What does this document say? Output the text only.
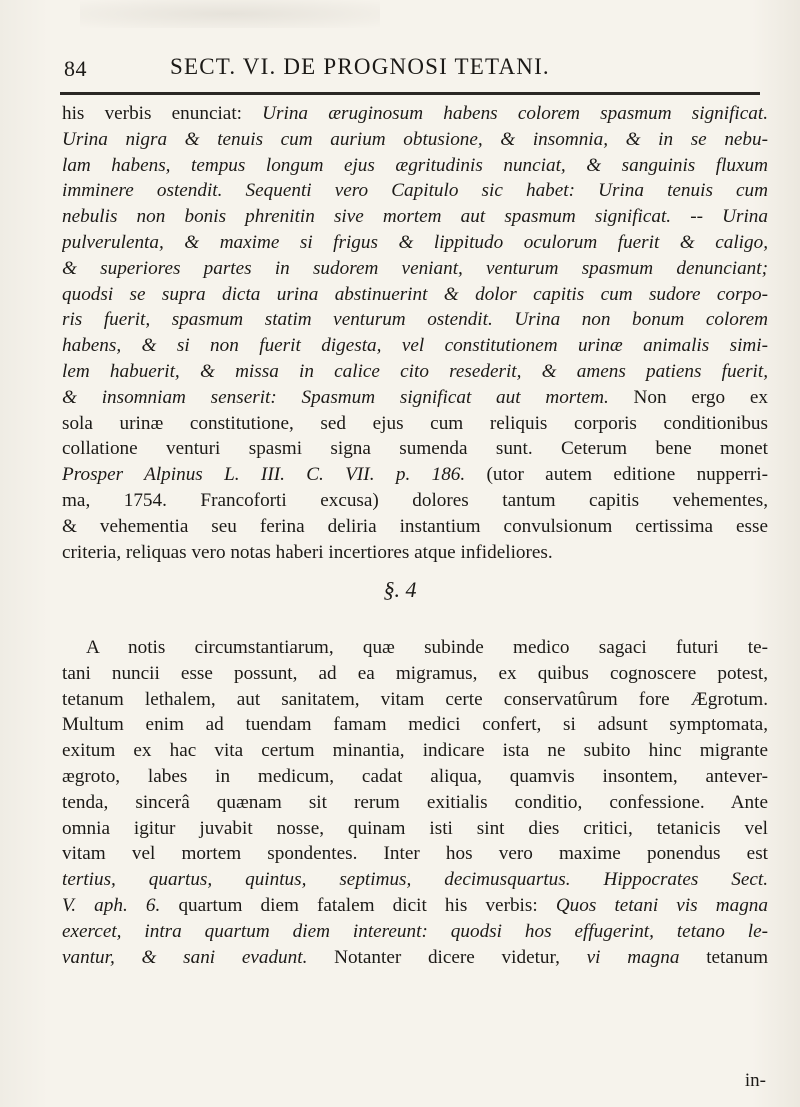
84	SECT. VI. DE PROGNOSI TETANI.
his verbis enunciat: Urina æruginosum habens colorem spasmum significat.
Urina nigra & tenuis cum aurium obtusione, & insomnia, & in se nebu-
lam habens, tempus longum ejus ægritudinis nunciat, & sanguinis fluxum
imminere ostendit. Sequenti vero Capitulo sic habet: Urina tenuis cum
nebulis non bonis phrenitin sive mortem aut spasmum significat. -- Urina
pulverulenta, & maxime si frigus & lippitudo oculorum fuerit & caligo,
& superiores partes in sudorem veniant, venturum spasmum denunciant;
quodsi se supra dicta urina abstinuerint & dolor capitis cum sudore corpo-
ris fuerit, spasmum statim venturum ostendit. Urina non bonum colorem
habens, & si non fuerit digesta, vel constitutionem urinæ animalis simi-
lem habuerit, & missa in calice cito resederit, & amens patiens fuerit,
& insomniam senserit: Spasmum significat aut mortem. Non ergo ex
sola urinæ constitutione, sed ejus cum reliquis corporis conditionibus
collatione venturi spasmi signa sumenda sunt. Ceterum bene monet
Prosper Alpinus L. III. C. VII. p. 186. (utor autem editione nupperri-
ma, 1754. Francoforti excusa) dolores tantum capitis vehementes,
& vehementia seu ferina deliria instantium convulsionum certissima esse
criteria, reliquas vero notas haberi incertiores atque infideliores.
§. 4
A notis circumstantiarum, quæ subinde medico sagaci futuri te-
tani nuncii esse possunt, ad ea migramus, ex quibus cognoscere potest,
tetanum lethalem, aut sanitatem, vitam certe conservatûrum fore Ægrotum.
Multum enim ad tuendam famam medici confert, si adsunt symptomata,
exitum ex hac vita certum minantia, indicare ista ne subito hinc migrante
ægroto, labes in medicum, cadat aliqua, quamvis insontem, antever-
tenda, sincerâ quænam sit rerum exitialis conditio, confessione. Ante
omnia igitur juvabit nosse, quinam isti sint dies critici, tetanicis vel
vitam vel mortem spondentes. Inter hos vero maxime ponendus est
tertius, quartus, quintus, septimus, decimusquartus. Hippocrates Sect.
V. aph. 6. quartum diem fatalem dicit his verbis: Quos tetani vis magna
exercet, intra quartum diem intereunt: quodsi hos effugerint, tetano le-
vantur, & sani evadunt. Notanter dicere videtur, vi magna tetanum
in-
